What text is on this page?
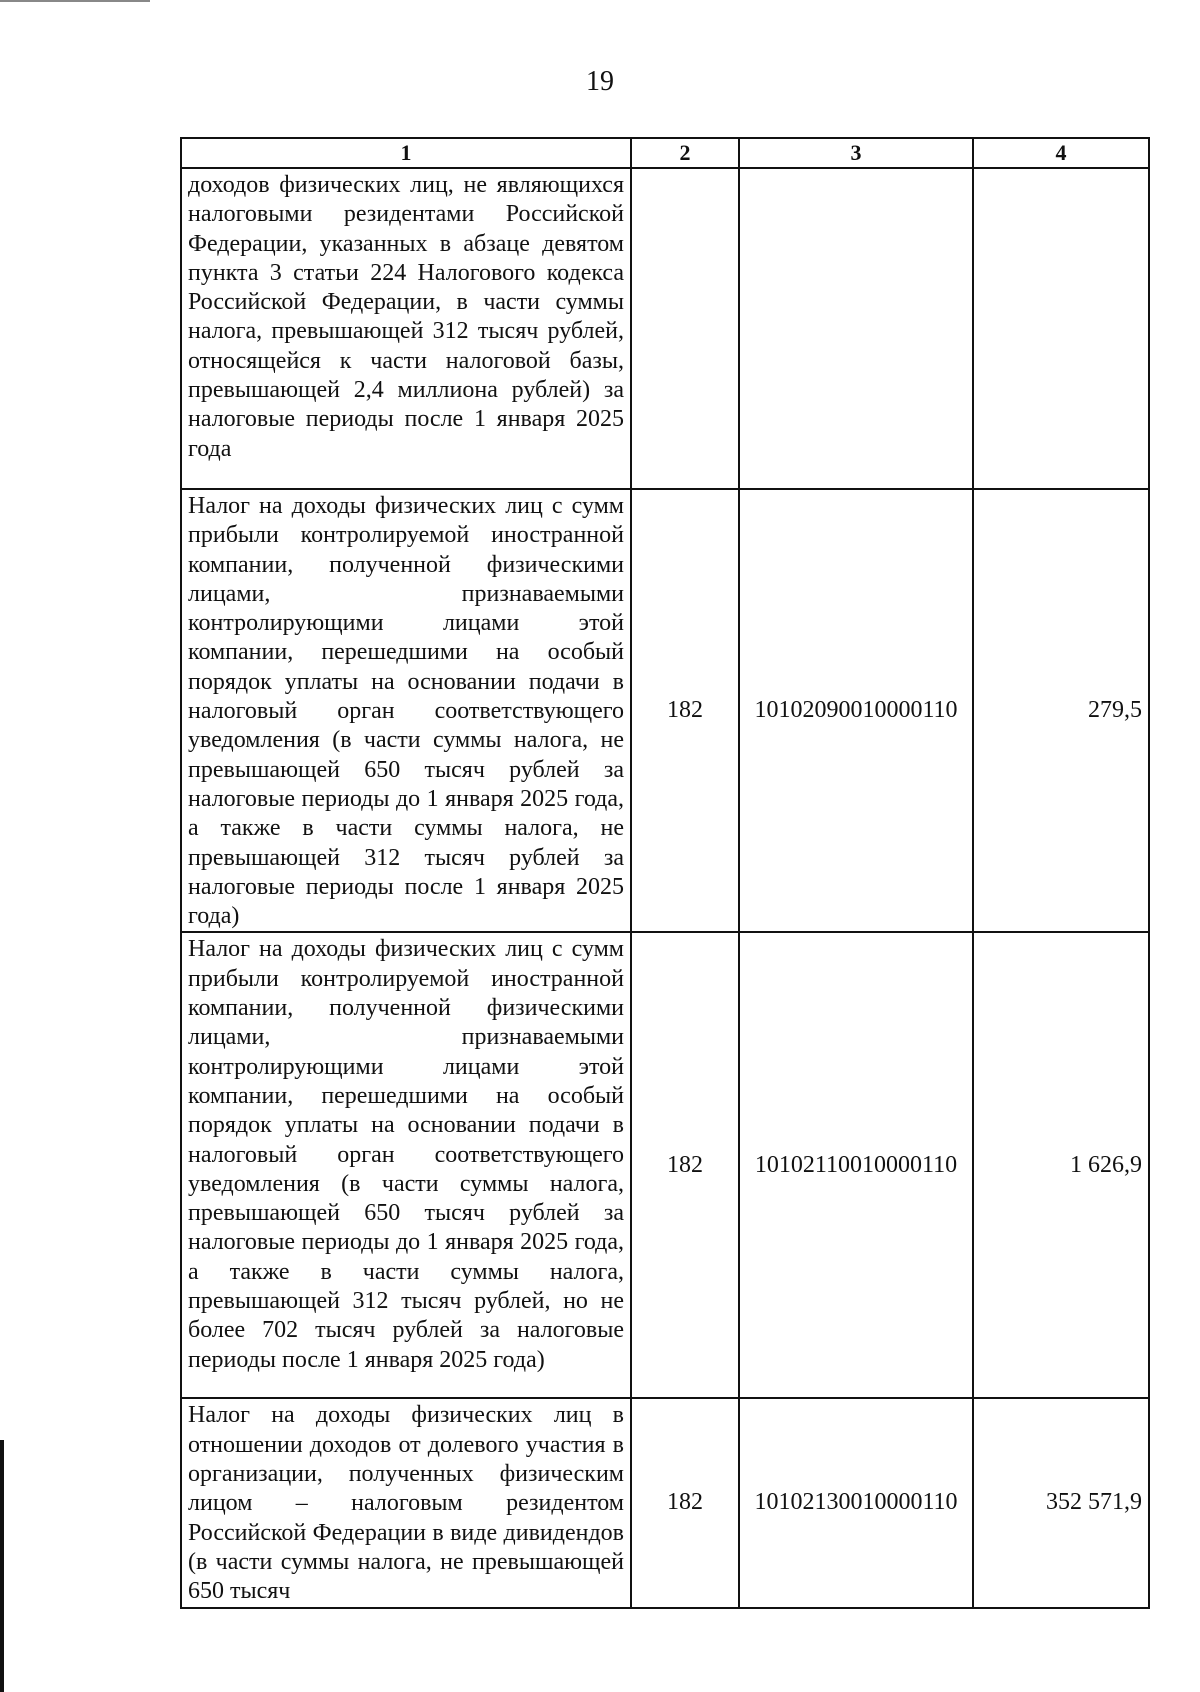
19
1	2	3	4
доходов физических лиц, не являющихся налоговыми резидентами Российской Федерации, указанных в абзаце девятом пункта 3 статьи 224 Налогового кодекса Российской Федерации, в части суммы налога, превышающей 312 тысяч рублей, относящейся к части налоговой базы, превышающей 2,4 миллиона рублей) за налоговые периоды после 1 января 2025 года			
Налог на доходы физических лиц с сумм прибыли контролируемой иностранной компании, полученной физическими лицами, признаваемыми контролирующими лицами этой компании, перешедшими на особый порядок уплаты на основании подачи в налоговый орган соответствующего уведомления (в части суммы налога, не превышающей 650 тысяч рублей за налоговые периоды до 1 января 2025 года, а также в части суммы налога, не превышающей 312 тысяч рублей за налоговые периоды после 1 января 2025 года)	182	10102090010000110	279,5
Налог на доходы физических лиц с сумм прибыли контролируемой иностранной компании, полученной физическими лицами, признаваемыми контролирующими лицами этой компании, перешедшими на особый порядок уплаты на основании подачи в налоговый орган соответствующего уведомления (в части суммы налога, превышающей 650 тысяч рублей за налоговые периоды до 1 января 2025 года, а также в части суммы налога, превышающей 312 тысяч рублей, но не более 702 тысяч рублей за налоговые периоды после 1 января 2025 года)	182	10102110010000110	1 626,9
Налог на доходы физических лиц в отношении доходов от долевого участия в организации, полученных физическим лицом – налоговым резидентом Российской Федерации в виде дивидендов (в части суммы налога, не превышающей 650 тысяч	182	10102130010000110	352 571,9
